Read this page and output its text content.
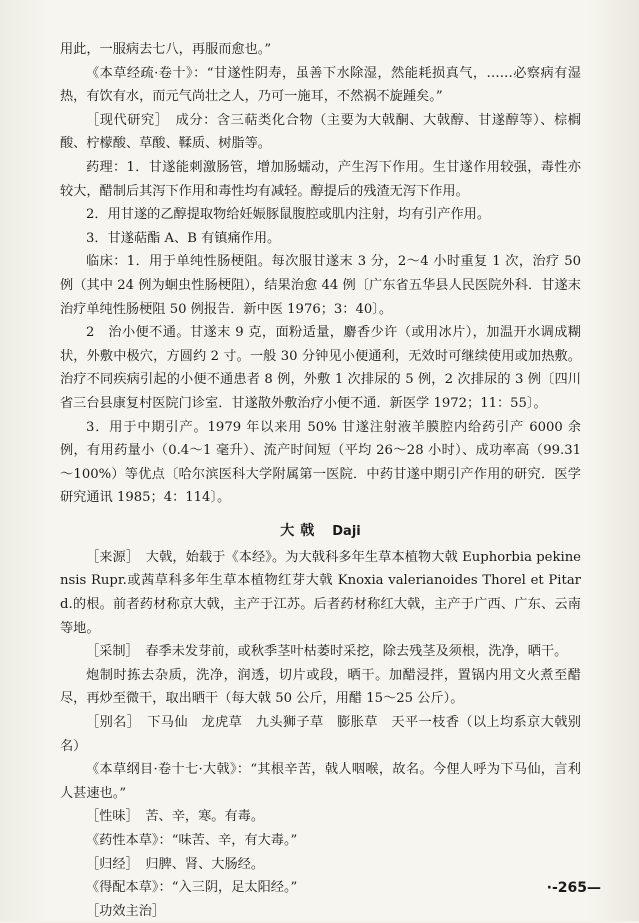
用此，一服病去七八，再服而愈也。”

《本草经疏·卷十》：“甘遂性阴寿，虽善下水除湿，然能耗损真气，……必察病有湿热，有饮有水，而元气尚壮之人，乃可一施耳，不然祸不旋踵矣。”

［现代研究］　成分：含三萜类化合物（主要为大戟酮、大戟醇、甘遂醇等）、棕榈酸、柠檬酸、草酸、鞣质、树脂等。

药理：1．甘遂能刺激肠管，增加肠蠕动，产生泻下作用。生甘遂作用较强，毒性亦较大，醋制后其泻下作用和毒性均有减轻。醇提后的残渣无泻下作用。

2．用甘遂的乙醇提取物给妊娠豚鼠腹腔或肌内注射，均有引产作用。

3．甘遂萜酯 A、B 有镇痛作用。

临床：1．用于单纯性肠梗阻。每次服甘遂末 3 分，2～4 小时重复 1 次，治疗 50 例（其中 24 例为蛔虫性肠梗阻），结果治愈 44 例〔广东省五华县人民医院外科．甘遂末治疗单纯性肠梗阻 50 例报告．新中医 1976；3：40〕。

2　治小便不通。甘遂末 9 克，面粉适量，麝香少许（或用冰片），加温开水调成糊状，外敷中极穴，方圆约 2 寸。一般 30 分钟见小便通利，无效时可继续使用或加热敷。治疗不同疾病引起的小便不通患者 8 例，外敷 1 次排尿的 5 例，2 次排尿的 3 例〔四川省三台县康复村医院门诊室．甘遂散外敷治疗小便不通．新医学 1972；11：55〕。

3．用于中期引产。1979 年以来用 50% 甘遂注射液羊膜腔内给药引产 6000 余例，有用药量小（0.4～1 毫升）、流产时间短（平均 26～28 小时）、成功率高（99.31～100%）等优点〔哈尔滨医科大学附属第一医院．中药甘遂中期引产作用的研究．医学研究通讯 1985；4：114〕。

大戟 Daji

［来源］　大戟，始载于《本经》。为大戟科多年生草本植物大戟 Euphorbia pekinensis Rupr.或茜草科多年生草本植物红芽大戟 Knoxia valerianoides Thorel et Pitard.的根。前者药材称京大戟，主产于江苏。后者药材称红大戟，主产于广西、广东、云南等地。

［采制］　春季未发芽前，或秋季茎叶枯萎时采挖，除去残茎及须根，洗净，晒干。

炮制时拣去杂质，洗净，润透，切片或段，晒干。加醋浸拌，置锅内用文火煮至醋尽，再炒至微干，取出晒干（每大戟 50 公斤，用醋 15～25 公斤）。

［别名］　下马仙　龙虎草　九头狮子草　膨胀草　天平一枝香（以上均系京大戟别名）

《本草纲目·卷十七·大戟》：“其根辛苦，戟人咽喉，故名。今俚人呼为下马仙，言利人甚速也。”

［性味］　苦、辛，寒。有毒。

《药性本草》：“味苦、辛，有大毒。”

［归经］　归脾、肾、大肠经。

《得配本草》：“入三阴，足太阳经。”

［功效主治］

·-265—
